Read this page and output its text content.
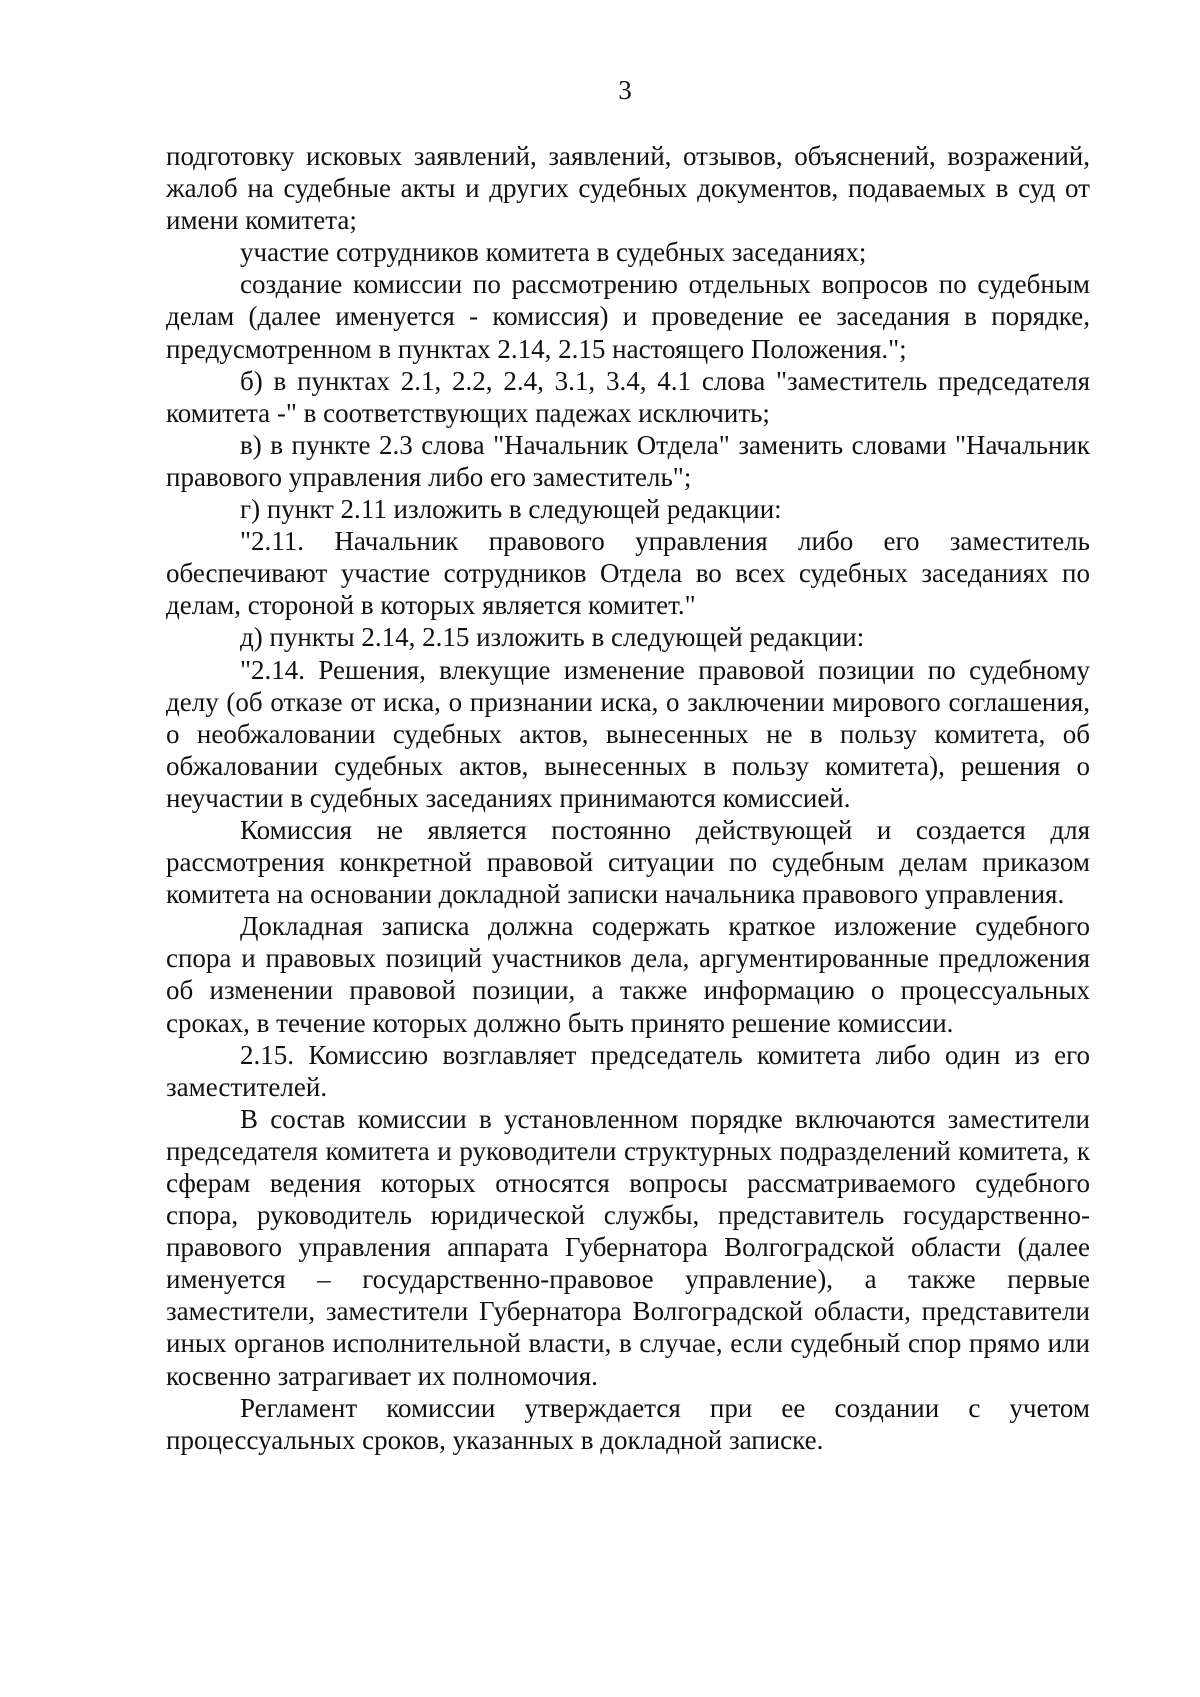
3

подготовку исковых заявлений, заявлений, отзывов, объяснений, возражений, жалоб на судебные акты и других судебных документов, подаваемых в суд от имени комитета;

участие сотрудников комитета в судебных заседаниях;

создание комиссии по рассмотрению отдельных вопросов по судебным делам (далее именуется - комиссия) и проведение ее заседания в порядке, предусмотренном в пунктах 2.14, 2.15 настоящего Положения.";

б) в пунктах 2.1, 2.2, 2.4, 3.1, 3.4, 4.1 слова "заместитель председателя комитета -" в соответствующих падежах исключить;

в) в пункте 2.3 слова "Начальник Отдела" заменить словами "Начальник правового управления либо его заместитель";

г) пункт 2.11 изложить в следующей редакции:

"2.11. Начальник правового управления либо его заместитель обеспечивают участие сотрудников Отдела во всех судебных заседаниях по делам, стороной в которых является комитет."

д) пункты 2.14, 2.15 изложить в следующей редакции:

"2.14. Решения, влекущие изменение правовой позиции по судебному делу (об отказе от иска, о признании иска, о заключении мирового соглашения, о необжаловании судебных актов, вынесенных не в пользу комитета, об обжаловании судебных актов, вынесенных в пользу комитета), решения о неучастии в судебных заседаниях принимаются комиссией.

Комиссия не является постоянно действующей и создается для рассмотрения конкретной правовой ситуации по судебным делам приказом комитета на основании докладной записки начальника правового управления.

Докладная записка должна содержать краткое изложение судебного спора и правовых позиций участников дела, аргументированные предложения об изменении правовой позиции, а также информацию о процессуальных сроках, в течение которых должно быть принято решение комиссии.

2.15. Комиссию возглавляет председатель комитета либо один из его заместителей.

В состав комиссии в установленном порядке включаются заместители председателя комитета и руководители структурных подразделений комитета, к сферам ведения которых относятся вопросы рассматриваемого судебного спора, руководитель юридической службы, представитель государственно-правового управления аппарата Губернатора Волгоградской области (далее именуется – государственно-правовое управление), а также первые заместители, заместители Губернатора Волгоградской области, представители иных органов исполнительной власти, в случае, если судебный спор прямо или косвенно затрагивает их полномочия.

Регламент комиссии утверждается при ее создании с учетом процессуальных сроков, указанных в докладной записке.
